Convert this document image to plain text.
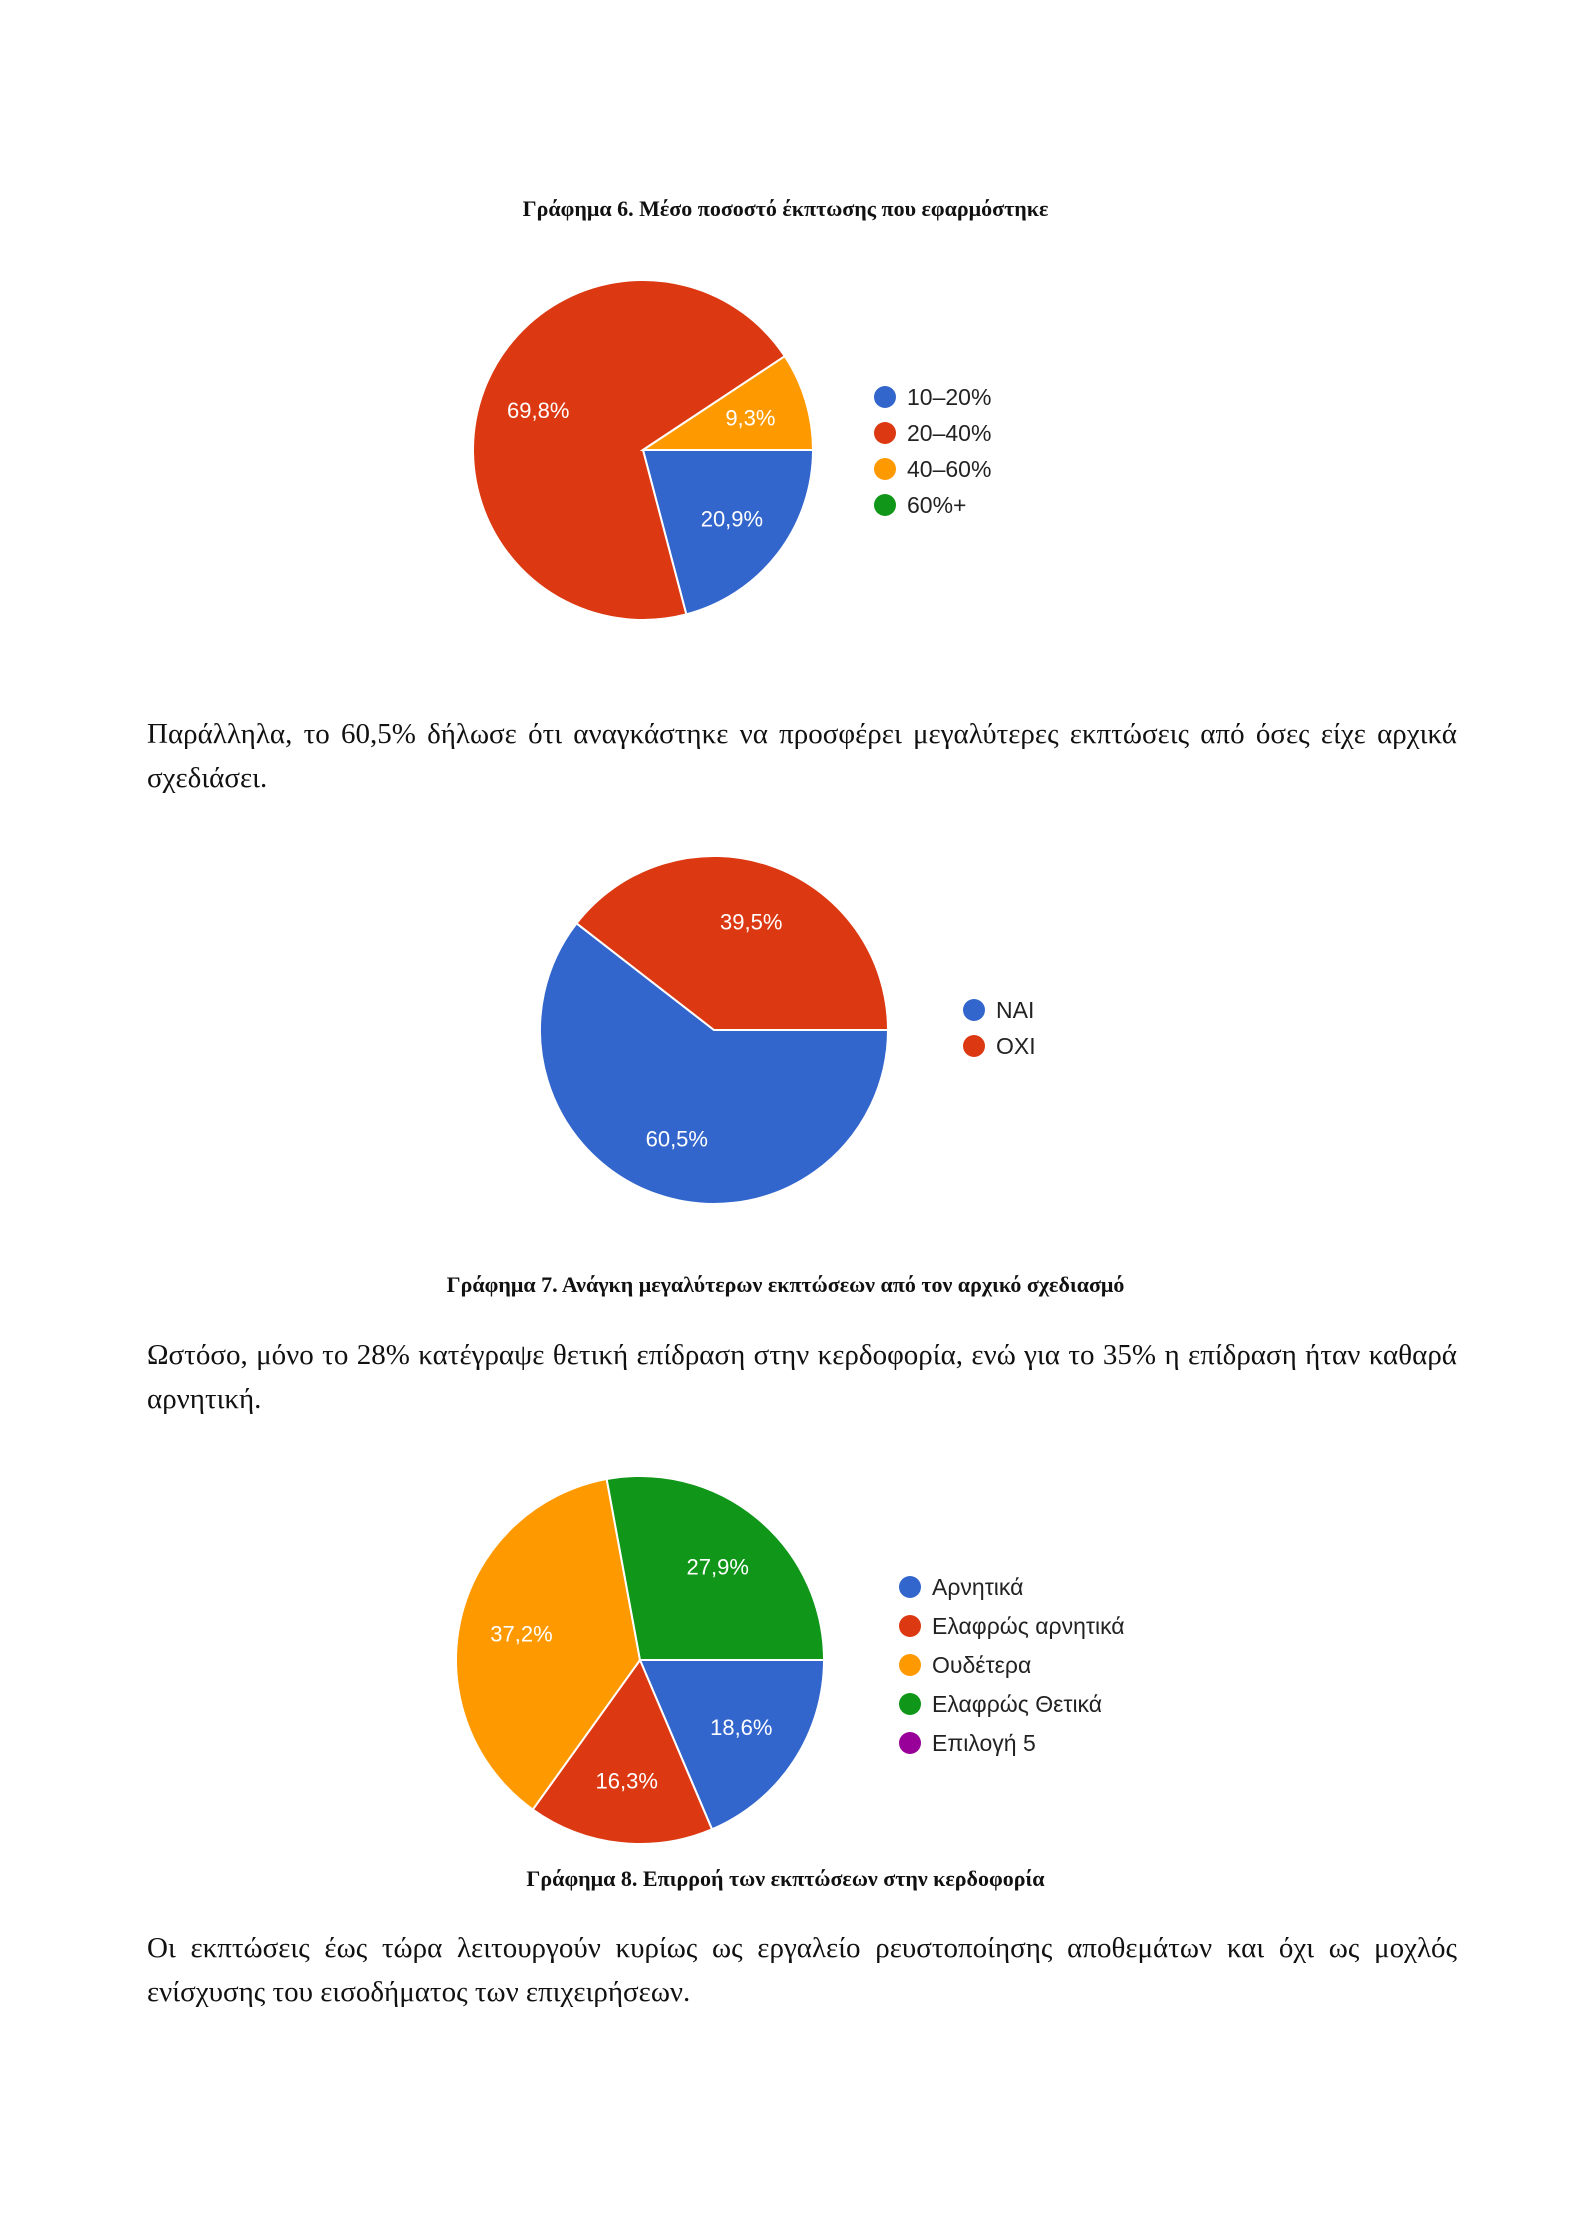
Γράφημα 6. Μέσο ποσοστό έκπτωσης που εφαρμόστηκε

20,9%
69,8%	9,3%
10–20%
20–40%
40–60%
60%+

Παράλληλα, το 60,5% δήλωσε ότι αναγκάστηκε να προσφέρει μεγαλύτερες εκπτώσεις από όσες είχε αρχικά σχεδιάσει.

60,5%
39,5%
ΝΑΙ
ΟΧΙ

Γράφημα 7. Ανάγκη μεγαλύτερων εκπτώσεων από τον αρχικό σχεδιασμό

Ωστόσο, μόνο το 28% κατέγραψε θετική επίδραση στην κερδοφορία, ενώ για το 35% η επίδραση ήταν καθαρά αρνητική.

18,6%
16,3%
37,2%
27,9%
Αρνητικά
Ελαφρώς αρνητικά
Ουδέτερα
Ελαφρώς Θετικά
Επιλογή 5

Γράφημα 8. Επιρροή των εκπτώσεων στην κερδοφορία

Οι εκπτώσεις έως τώρα λειτουργούν κυρίως ως εργαλείο ρευστοποίησης αποθεμάτων και όχι ως μοχλός ενίσχυσης του εισοδήματος των επιχειρήσεων.
